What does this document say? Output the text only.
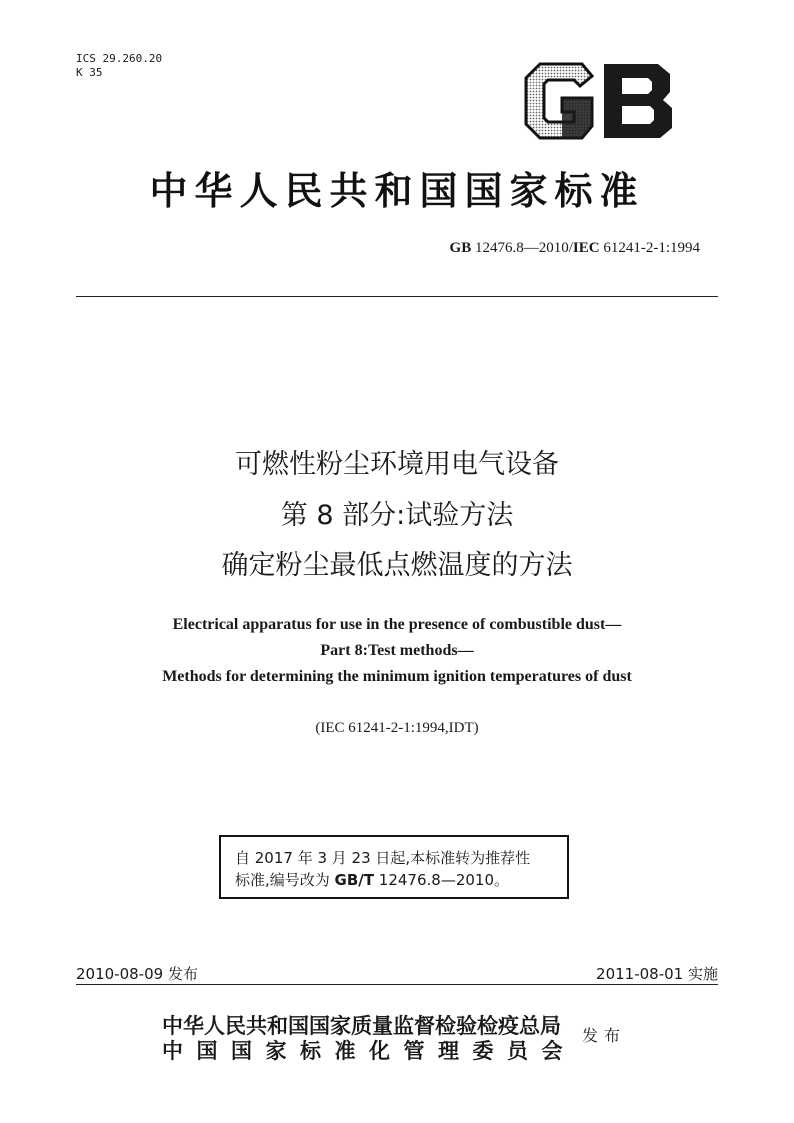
ICS 29.260.20
K 35
中华人民共和国国家标准
GB 12476.8—2010/IEC 61241-2-1:1994
可燃性粉尘环境用电气设备
第 8 部分:试验方法
确定粉尘最低点燃温度的方法
Electrical apparatus for use in the presence of combustible dust—
Part 8:Test methods—
Methods for determining the minimum ignition temperatures of dust
(IEC 61241-2-1:1994,IDT)
自 2017 年 3 月 23 日起,本标准转为推荐性
标准,编号改为 GB/T 12476.8—2010。
2010-08-09 发布	2011-08-01 实施
中华人民共和国国家质量监督检验检疫总局
中国国家标准化管理委员会
发布
